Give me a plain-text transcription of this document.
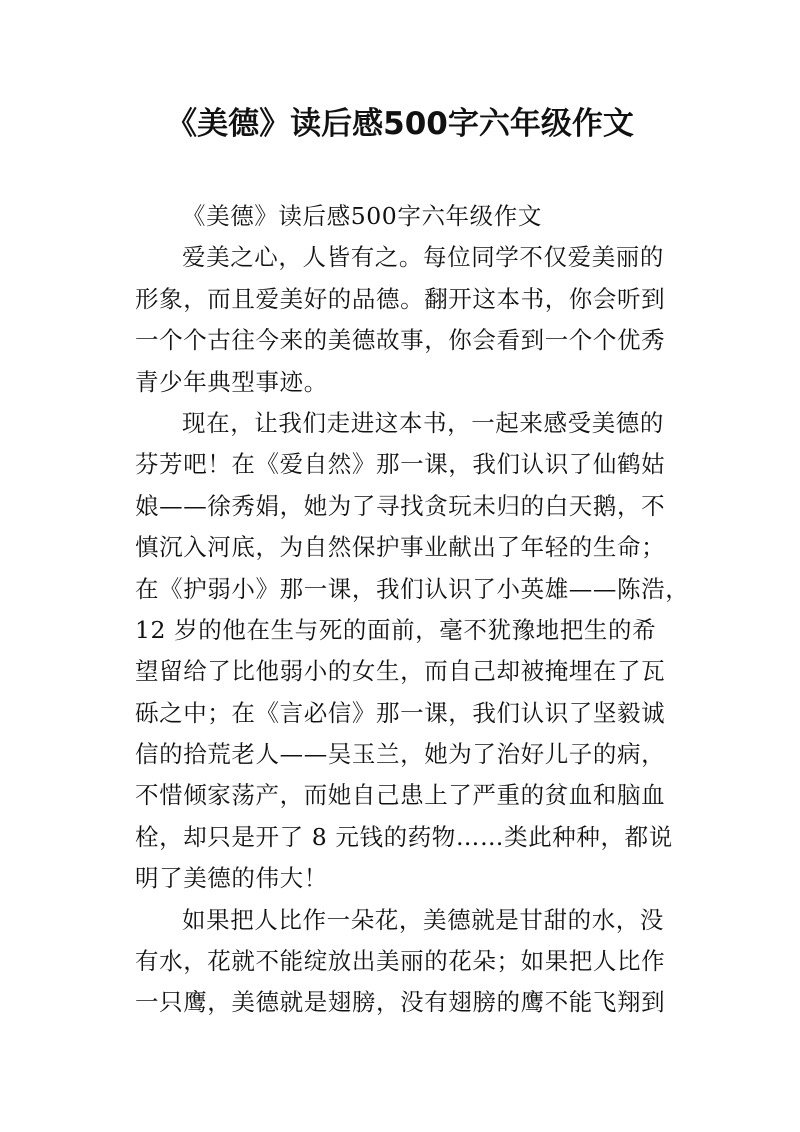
《美德》读后感500字六年级作文
《美德》读后感500字六年级作文
爱美之心，人皆有之。每位同学不仅爱美丽的
形象，而且爱美好的品德。翻开这本书，你会听到
一个个古往今来的美德故事，你会看到一个个优秀
青少年典型事迹。
现在，让我们走进这本书，一起来感受美德的
芬芳吧！在《爱自然》那一课，我们认识了仙鹤姑
娘——徐秀娟，她为了寻找贪玩未归的白天鹅，不
慎沉入河底，为自然保护事业献出了年轻的生命；
在《护弱小》那一课，我们认识了小英雄——陈浩，
12 岁的他在生与死的面前，毫不犹豫地把生的希
望留给了比他弱小的女生，而自己却被掩埋在了瓦
砾之中；在《言必信》那一课，我们认识了坚毅诚
信的拾荒老人——吴玉兰，她为了治好儿子的病，
不惜倾家荡产，而她自己患上了严重的贫血和脑血
栓，却只是开了 8 元钱的药物……类此种种，都说
明了美德的伟大！
如果把人比作一朵花，美德就是甘甜的水，没
有水，花就不能绽放出美丽的花朵；如果把人比作
一只鹰，美德就是翅膀，没有翅膀的鹰不能飞翔到
